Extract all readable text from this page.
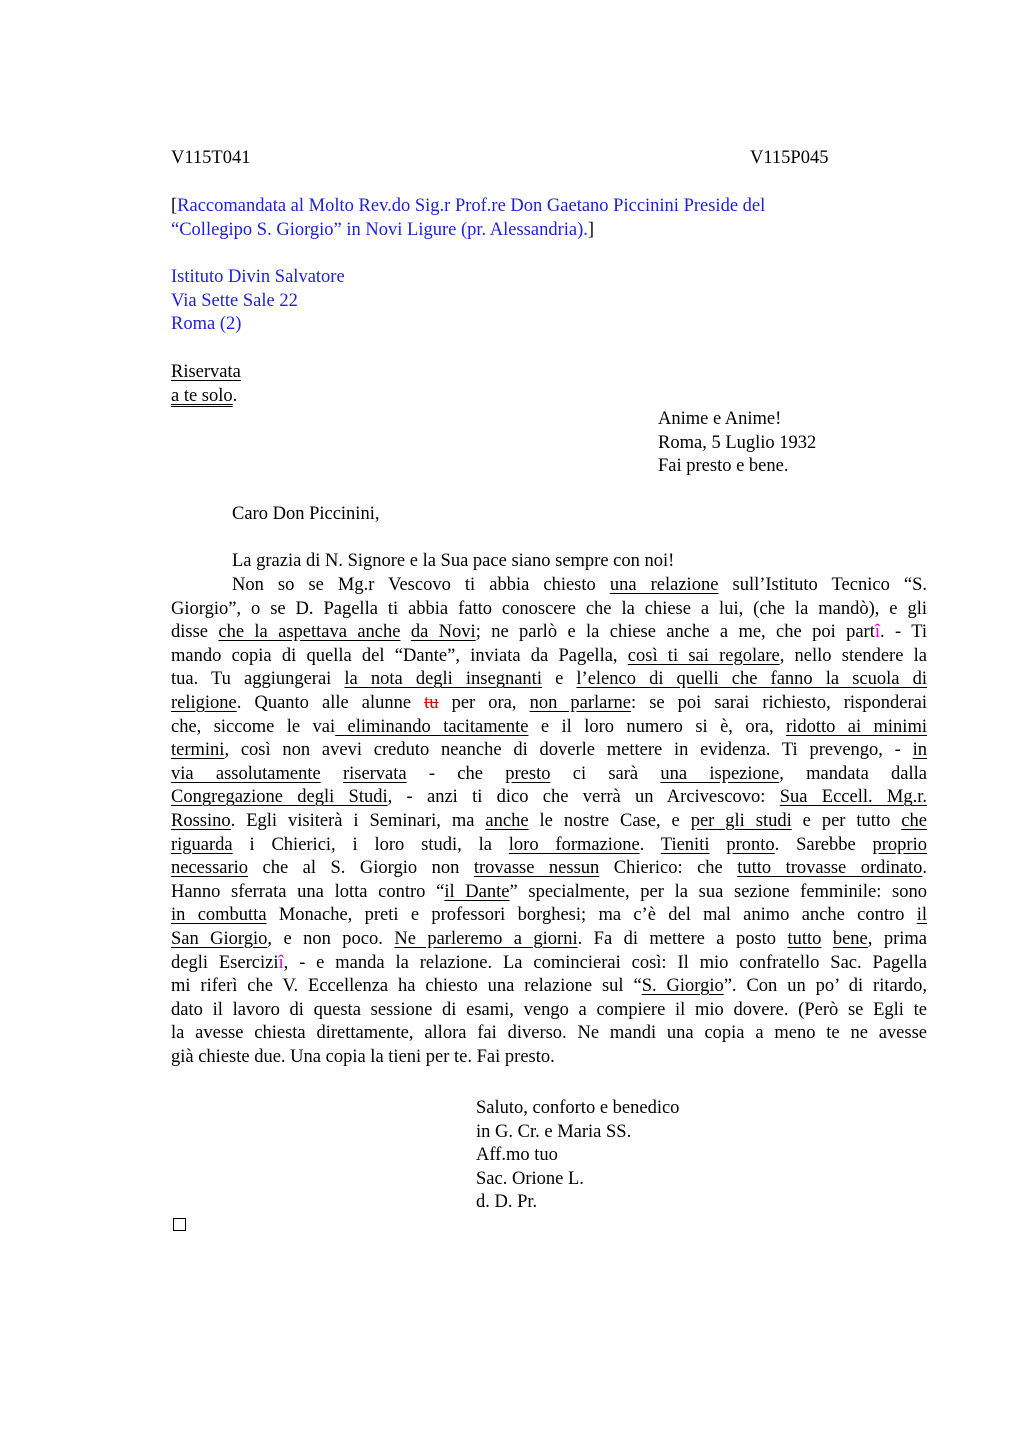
V115T041	V115P045
[Raccomandata al Molto Rev.do Sig.r Prof.re Don Gaetano Piccinini Preside del
“Collegipo S. Giorgio” in Novi Ligure (pr. Alessandria).]
Istituto Divin Salvatore
Via Sette Sale 22
Roma (2)
Riservata
a te solo.
Anime e Anime!
Roma, 5 Luglio 1932
Fai presto e bene.
Caro Don Piccinini,
La grazia di N. Signore e la Sua pace siano sempre con noi!
Non so se Mg.r Vescovo ti abbia chiesto una relazione sull’Istituto Tecnico “S.
Giorgio”, o se D. Pagella ti abbia fatto conoscere che la chiese a lui, (che la mandò), e gli
disse che la aspettava anche da Novi; ne parlò e la chiese anche a me, che poi partî. - Ti
mando copia di quella del “Dante”, inviata da Pagella, così ti sai regolare, nello stendere la
tua. Tu aggiungerai la nota degli insegnanti e l’elenco di quelli che fanno la scuola di
religione. Quanto alle alunne tu per ora, non parlarne: se poi sarai richiesto, risponderai
che, siccome le vai eliminando tacitamente e il loro numero si è, ora, ridotto ai minimi
termini, così non avevi creduto neanche di doverle mettere in evidenza. Ti prevengo, - in
via assolutamente riservata - che presto ci sarà una ispezione, mandata dalla
Congregazione degli Studi, - anzi ti dico che verrà un Arcivescovo: Sua Eccell. Mg.r.
Rossino. Egli visiterà i Seminari, ma anche le nostre Case, e per gli studi e per tutto che
riguarda i Chierici, i loro studi, la loro formazione. Tieniti pronto. Sarebbe proprio
necessario che al S. Giorgio non trovasse nessun Chierico: che tutto trovasse ordinato.
Hanno sferrata una lotta contro “il Dante” specialmente, per la sua sezione femminile: sono
in combutta Monache, preti e professori borghesi; ma c’è del mal animo anche contro il
San Giorgio, e non poco. Ne parleremo a giorni. Fa di mettere a posto tutto bene, prima
degli Eserciziî, - e manda la relazione. La comincierai così: Il mio confratello Sac. Pagella
mi riferì che V. Eccellenza ha chiesto una relazione sul “S. Giorgio”. Con un po’ di ritardo,
dato il lavoro di questa sessione di esami, vengo a compiere il mio dovere. (Però se Egli te
la avesse chiesta direttamente, allora fai diverso. Ne mandi una copia a meno te ne avesse
già chieste due. Una copia la tieni per te. Fai presto.
Saluto, conforto e benedico
in G. Cr. e Maria SS.
Aff.mo tuo
Sac. Orione L.
d. D. Pr.
